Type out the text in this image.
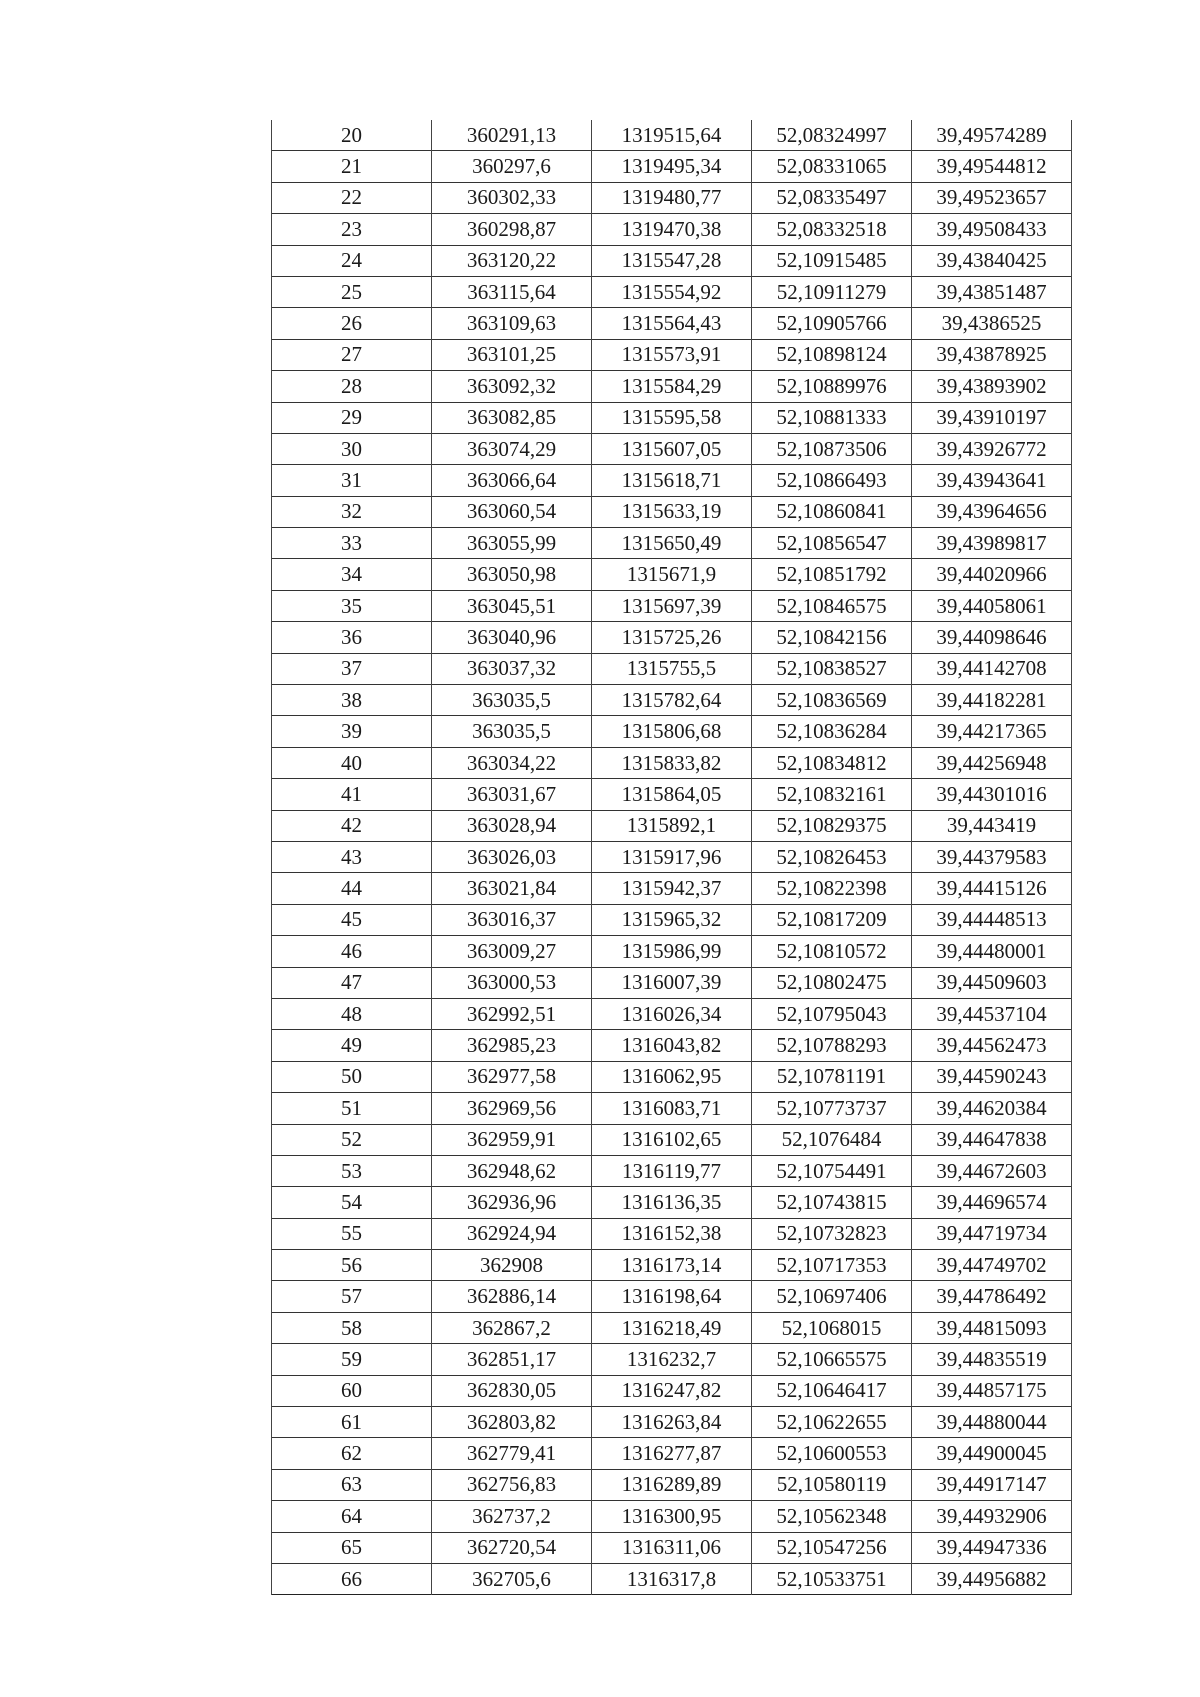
20	360291,13	1319515,64	52,08324997	39,49574289
21	360297,6	1319495,34	52,08331065	39,49544812
22	360302,33	1319480,77	52,08335497	39,49523657
23	360298,87	1319470,38	52,08332518	39,49508433
24	363120,22	1315547,28	52,10915485	39,43840425
25	363115,64	1315554,92	52,10911279	39,43851487
26	363109,63	1315564,43	52,10905766	39,4386525
27	363101,25	1315573,91	52,10898124	39,43878925
28	363092,32	1315584,29	52,10889976	39,43893902
29	363082,85	1315595,58	52,10881333	39,43910197
30	363074,29	1315607,05	52,10873506	39,43926772
31	363066,64	1315618,71	52,10866493	39,43943641
32	363060,54	1315633,19	52,10860841	39,43964656
33	363055,99	1315650,49	52,10856547	39,43989817
34	363050,98	1315671,9	52,10851792	39,44020966
35	363045,51	1315697,39	52,10846575	39,44058061
36	363040,96	1315725,26	52,10842156	39,44098646
37	363037,32	1315755,5	52,10838527	39,44142708
38	363035,5	1315782,64	52,10836569	39,44182281
39	363035,5	1315806,68	52,10836284	39,44217365
40	363034,22	1315833,82	52,10834812	39,44256948
41	363031,67	1315864,05	52,10832161	39,44301016
42	363028,94	1315892,1	52,10829375	39,443419
43	363026,03	1315917,96	52,10826453	39,44379583
44	363021,84	1315942,37	52,10822398	39,44415126
45	363016,37	1315965,32	52,10817209	39,44448513
46	363009,27	1315986,99	52,10810572	39,44480001
47	363000,53	1316007,39	52,10802475	39,44509603
48	362992,51	1316026,34	52,10795043	39,44537104
49	362985,23	1316043,82	52,10788293	39,44562473
50	362977,58	1316062,95	52,10781191	39,44590243
51	362969,56	1316083,71	52,10773737	39,44620384
52	362959,91	1316102,65	52,1076484	39,44647838
53	362948,62	1316119,77	52,10754491	39,44672603
54	362936,96	1316136,35	52,10743815	39,44696574
55	362924,94	1316152,38	52,10732823	39,44719734
56	362908	1316173,14	52,10717353	39,44749702
57	362886,14	1316198,64	52,10697406	39,44786492
58	362867,2	1316218,49	52,1068015	39,44815093
59	362851,17	1316232,7	52,10665575	39,44835519
60	362830,05	1316247,82	52,10646417	39,44857175
61	362803,82	1316263,84	52,10622655	39,44880044
62	362779,41	1316277,87	52,10600553	39,44900045
63	362756,83	1316289,89	52,10580119	39,44917147
64	362737,2	1316300,95	52,10562348	39,44932906
65	362720,54	1316311,06	52,10547256	39,44947336
66	362705,6	1316317,8	52,10533751	39,44956882
